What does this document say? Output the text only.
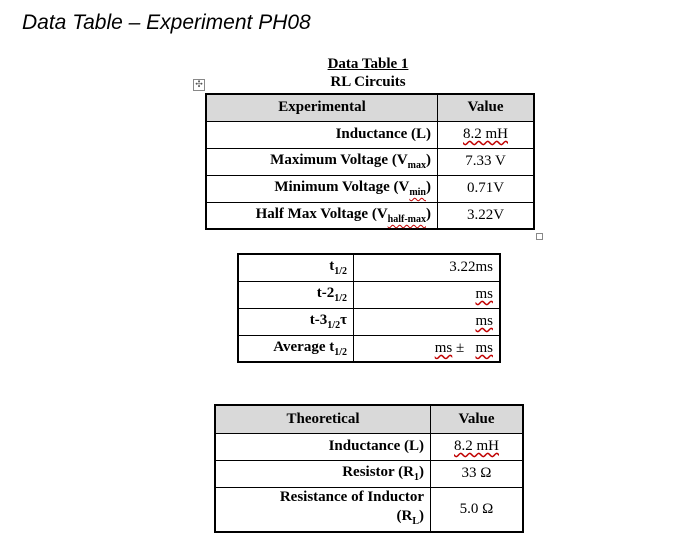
Data Table – Experiment PH08
Data Table 1
RL Circuits
✣
Experimental	Value
Inductance (L)	8.2 mH
Maximum Voltage $(V_{max})$	7.33 V
Minimum Voltage $(V_{min})$	0.71V
Half Max Voltage $(V_{half-max})$	3.22V
$t_{1/2}$	3.22ms
$t-2_{1/2}$	ms
$t-3_{1/2}\tau$	ms
Average $t_{1/2}$	ms ± ms
Theoretical	Value
Inductance (L)	8.2 mH
Resistor $(R_1)$	33 Ω
Resistance of Inductor
$(R_L)$	5.0 Ω
